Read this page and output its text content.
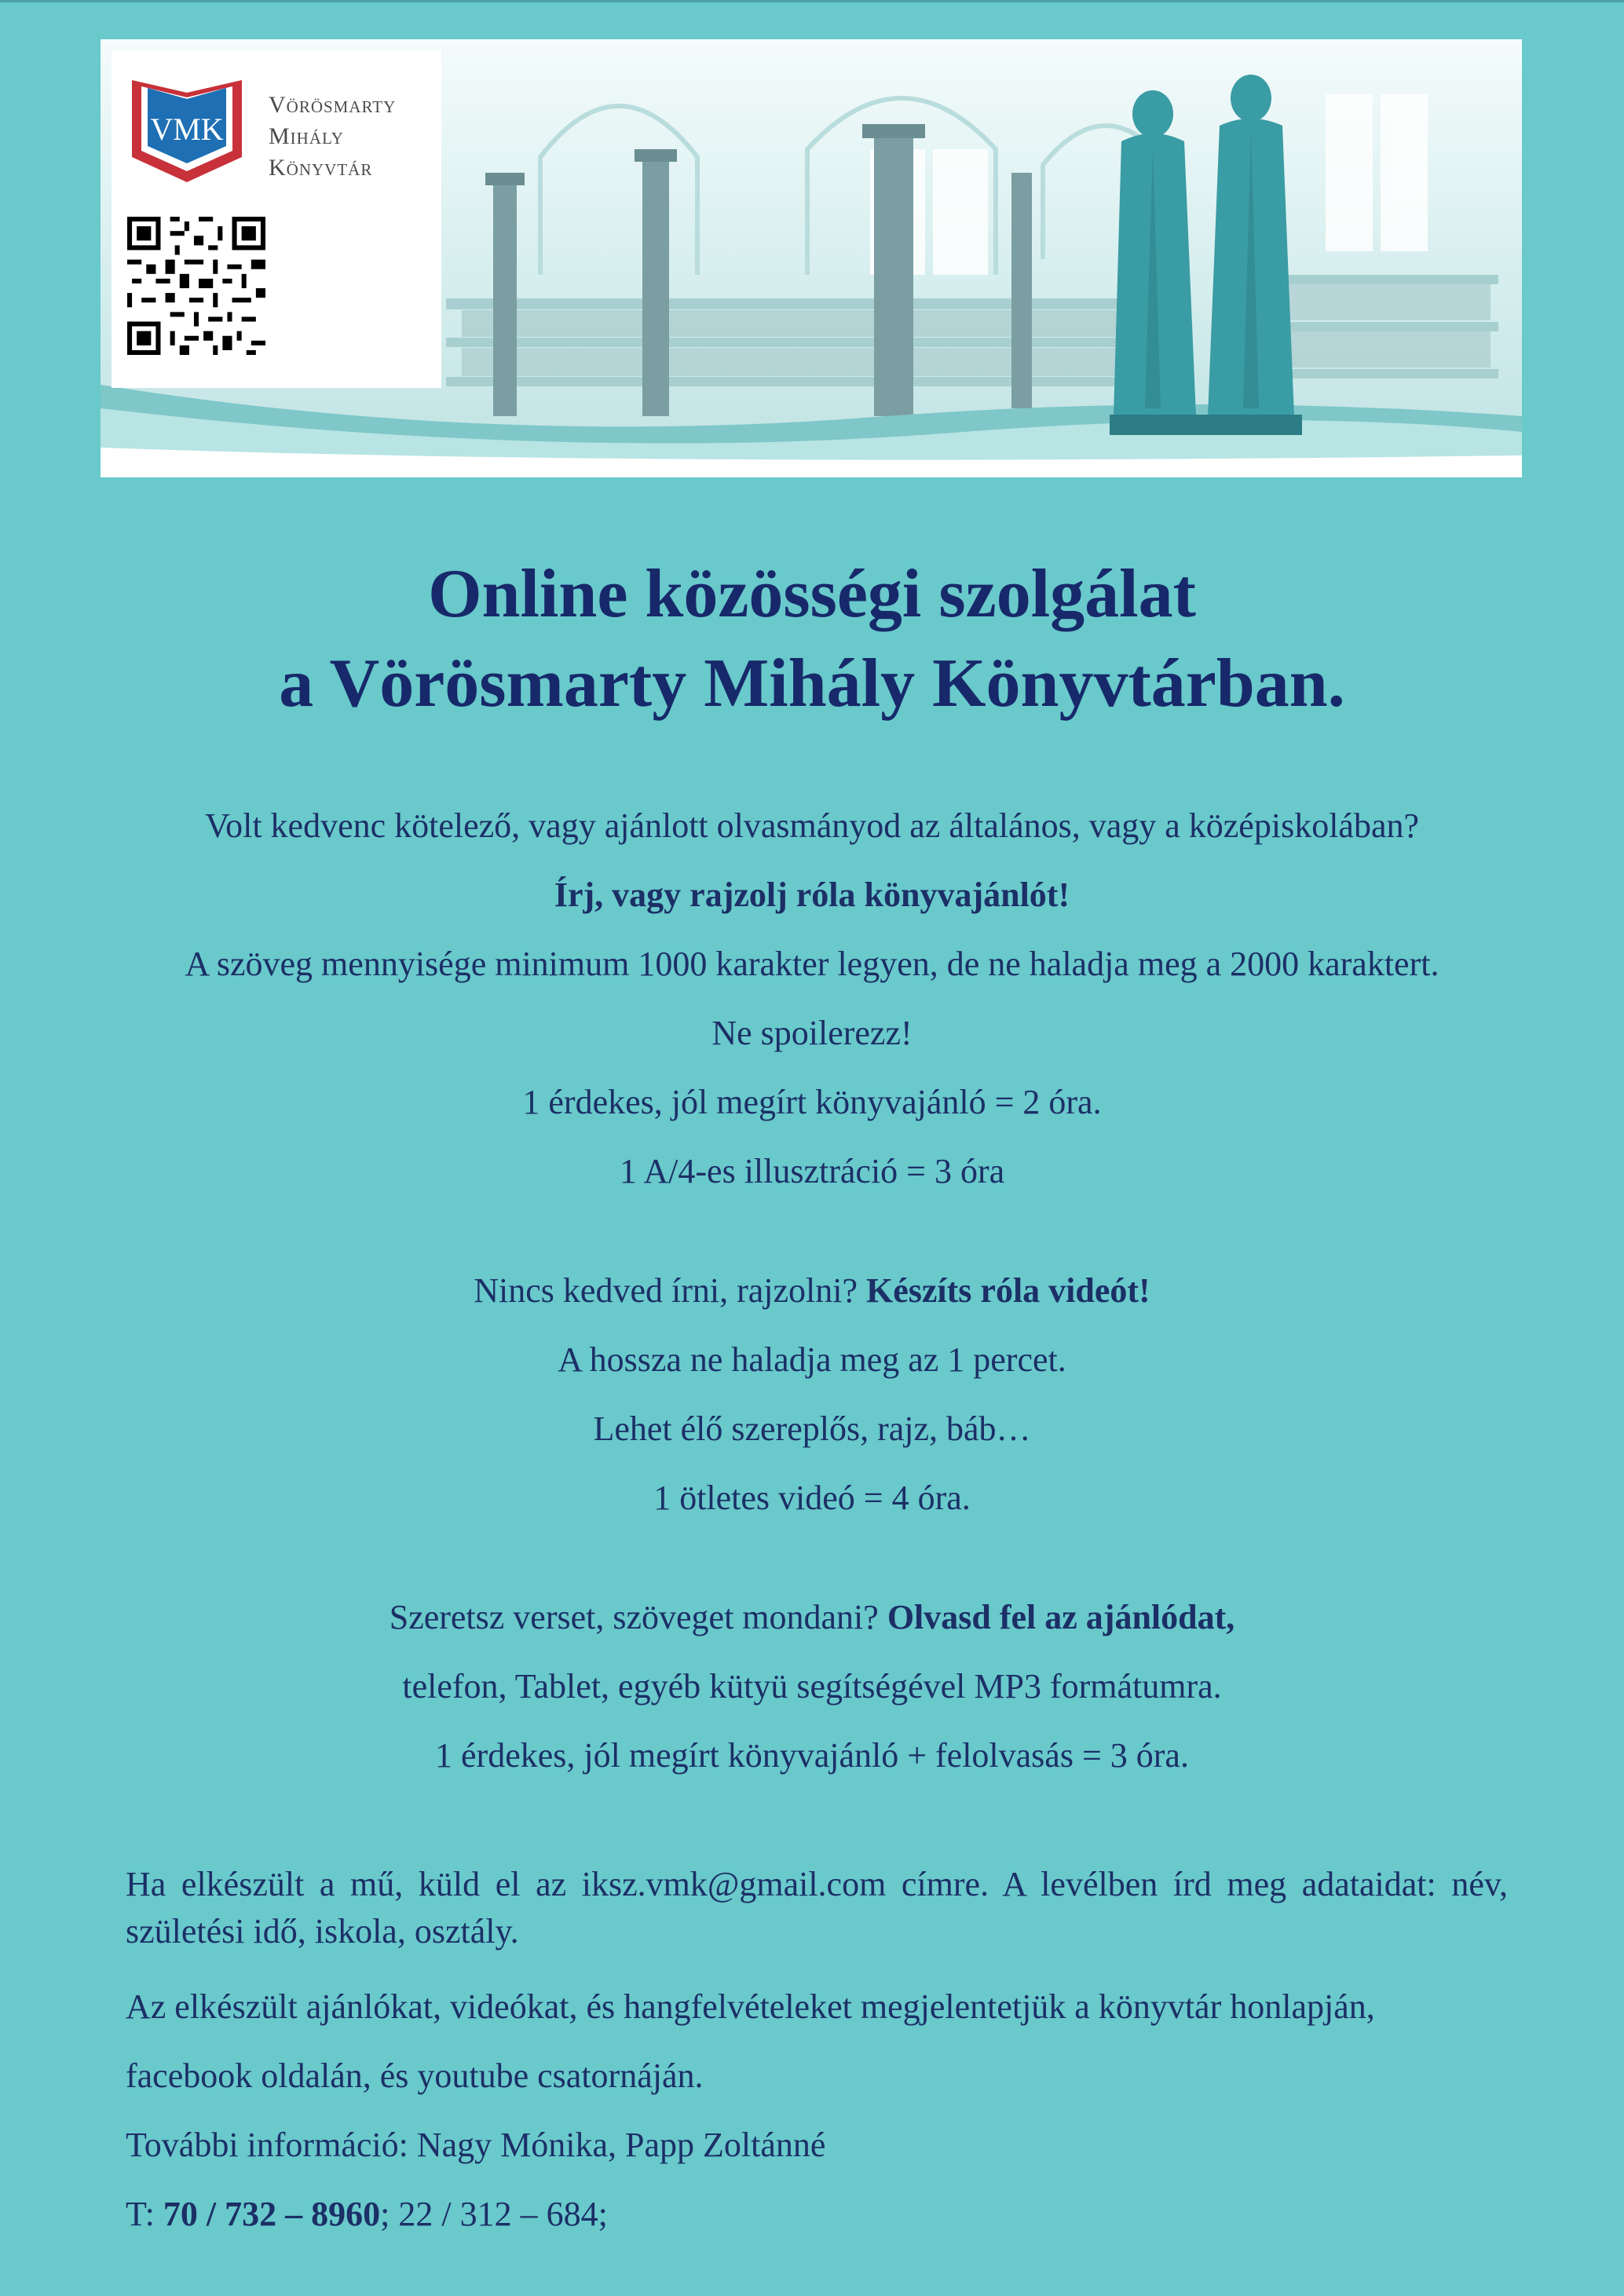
VMK
Vörösmarty
Mihály
Könyvtár
Online közösségi szolgálat
a Vörösmarty Mihály Könyvtárban.

Volt kedvenc kötelező, vagy ajánlott olvasmányod az általános, vagy a középiskolában?

Írj, vagy rajzolj róla könyvajánlót!

A szöveg mennyisége minimum 1000 karakter legyen, de ne haladja meg a 2000 karaktert.

Ne spoilerezz!

1 érdekes, jól megírt könyvajánló = 2 óra.

1 A/4-es illusztráció = 3 óra

Nincs kedved írni, rajzolni? Készíts róla videót!

A hossza ne haladja meg az 1 percet.

Lehet élő szereplős, rajz, báb…

1 ötletes videó = 4 óra.

Szeretsz verset, szöveget mondani? Olvasd fel az ajánlódat,

telefon, Tablet, egyéb kütyü segítségével MP3 formátumra.

1 érdekes, jól megírt könyvajánló + felolvasás = 3 óra.

Ha elkészült a mű, küld el az iksz.vmk@gmail.com címre. A levélben írd meg adataidat: név, születési idő, iskola, osztály.

Az elkészült ajánlókat, videókat, és hangfelvételeket megjelentetjük a könyvtár honlapján,

facebook oldalán, és youtube csatornáján.

További információ: Nagy Mónika, Papp Zoltánné

T: 70 / 732 – 8960; 22 / 312 – 684;
